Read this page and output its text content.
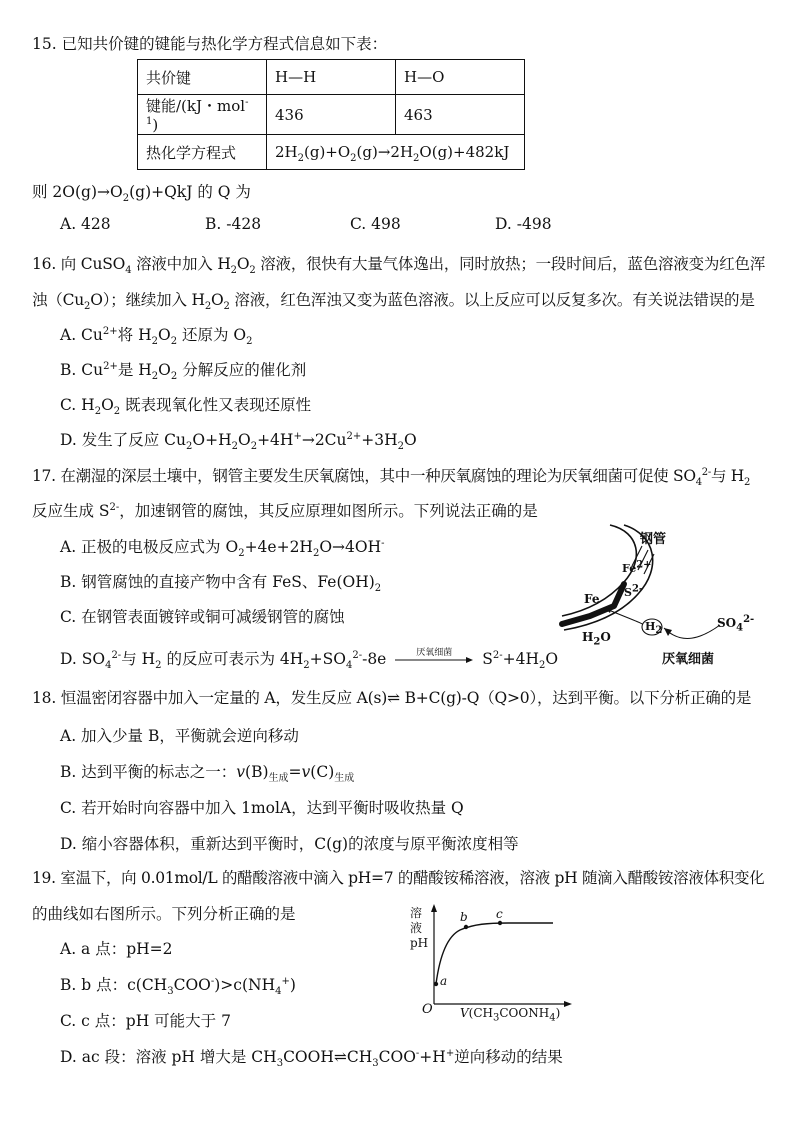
15. 已知共价键的键能与热化学方程式信息如下表：
共价键	H—H	H—O
键能/(kJ・mol$^{-1}$)	436	463
热化学方程式	$2H_2(g)+O_2(g)\to 2H_2O(g)+482kJ$	
则 $2O(g)\to O_2(g)+QkJ$ 的 Q 为
A. 428	B. -428	C. 498	D. -498
16. 向 CuSO$_4$ 溶液中加入 $H_2O_2$ 溶液，很快有大量气体逸出，同时放热；一段时间后，蓝色溶液变为红色浑
浊$(Cu_2O)$；继续加入 $H_2O_2$ 溶液，红色浑浊又变为蓝色溶液。以上反应可以反复多次。有关说法错误的是
A. $Cu^{2+}$将 $H_2O_2$ 还原为 $O_2$
B. $Cu^{2+}$是 $H_2O_2$ 分解反应的催化剂
C. $H_2O_2$ 既表现氧化性又表现还原性
D. 发生了反应 $Cu_2O+H_2O_2+4H^+\to 2Cu^{2+}+3H_2O$
17. 在潮湿的深层土壤中，钢管主要发生厌氧腐蚀，其中一种厌氧腐蚀的理论为厌氧细菌可促使 $SO_4^{2-}$与 $H_2$
反应生成 $S^{2-}$，加速钢管的腐蚀，其反应原理如图所示。下列说法正确的是
A. 正极的电极反应式为 $O_2+4e+2H_2O\to 4OH^-$
B. 钢管腐蚀的直接产物中含有 FeS、$Fe(OH)_2$
C. 在钢管表面镀锌或铜可减缓钢管的腐蚀
D. $SO_4^{2-}$与 $H_2$ 的反应可表示为 $4H_2+SO_4^{2-}-8e$	厌氧细菌	$S^{2-}+4H_2O$
钢管
$Fe^{2+}$
$S^{2-}$
Fe
$H_2O$
$H_2$
$SO_4^{2-}$
厌氧细菌
18. 恒温密闭容器中加入一定量的 A，发生反应 A(s)⇌ B+C(g)-Q（Q>0），达到平衡。以下分析正确的是
A. 加入少量 B，平衡就会逆向移动
B. 达到平衡的标志之一：$v(B)_{生成}=v(C)_{生成}$
C. 若开始时向容器中加入 1molA，达到平衡时吸收热量 Q
D. 缩小容器体积，重新达到平衡时，C(g)的浓度与原平衡浓度相等
19. 室温下，向 0.01mol/L 的醋酸溶液中滴入 pH=7 的醋酸铵稀溶液，溶液 pH 随滴入醋酸铵溶液体积变化
的曲线如右图所示。下列分析正确的是
A. a 点：pH=2
B. b 点：$c(CH_3COO^-)>c(NH_4^+)$
C. c 点：pH 可能大于 7
D. ac 段：溶液 pH 增大是 $CH_3COOH\rightleftharpoons CH_3COO^-+H^+$逆向移动的结果
溶
液
pH
O $V(CH_3COONH_4)$
a
b c
